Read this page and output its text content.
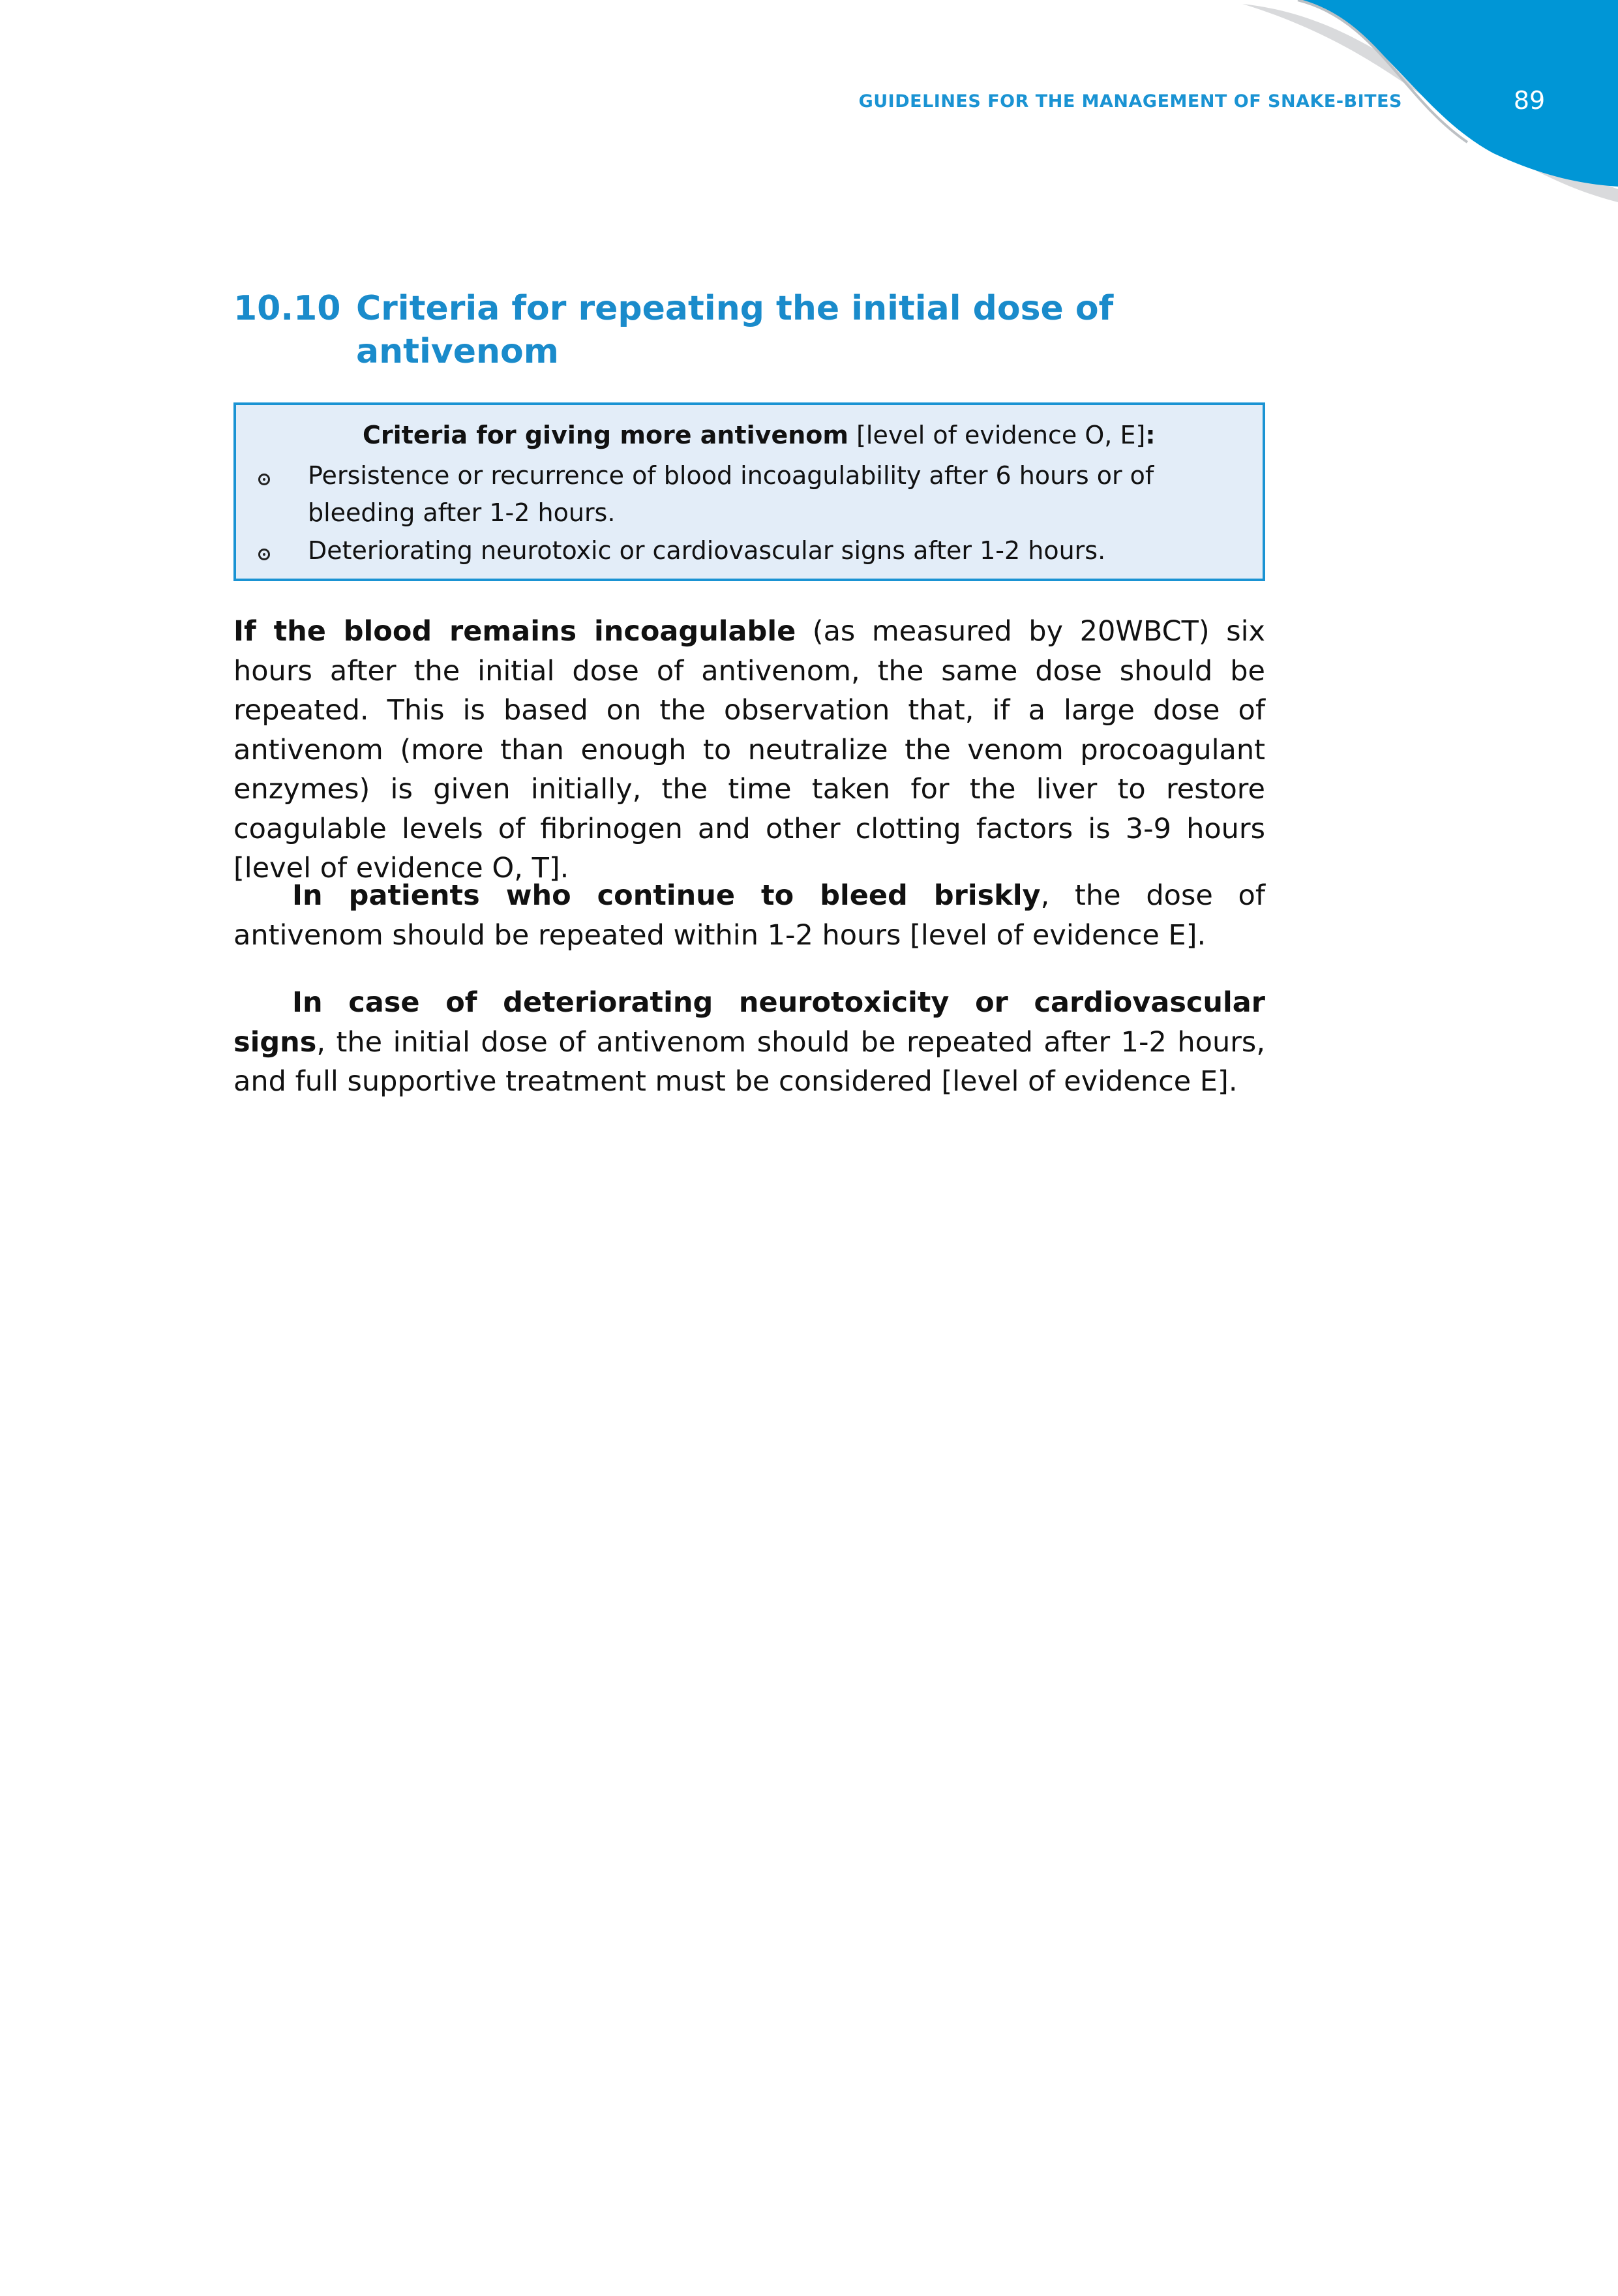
GUIDELINES FOR THE MANAGEMENT OF SNAKE-BITES	89
10.10 Criteria for repeating the initial dose of antivenom
Criteria for giving more antivenom [level of evidence O, E]:
Persistence or recurrence of blood incoagulability after 6 hours or of bleeding after 1-2 hours.
Deteriorating neurotoxic or cardiovascular signs after 1-2 hours.

If the blood remains incoagulable (as measured by 20WBCT) six hours after the initial dose of antivenom, the same dose should be repeated. This is based on the observation that, if a large dose of antivenom (more than enough to neutralize the venom procoagulant enzymes) is given initially, the time taken for the liver to restore coagulable levels of fibrinogen and other clotting factors is 3-9 hours [level of evidence O, T].

In patients who continue to bleed briskly, the dose of antivenom should be repeated within 1-2 hours [level of evidence E].

In case of deteriorating neurotoxicity or cardiovascular signs, the initial dose of antivenom should be repeated after 1-2 hours, and full supportive treatment must be considered [level of evidence E].
